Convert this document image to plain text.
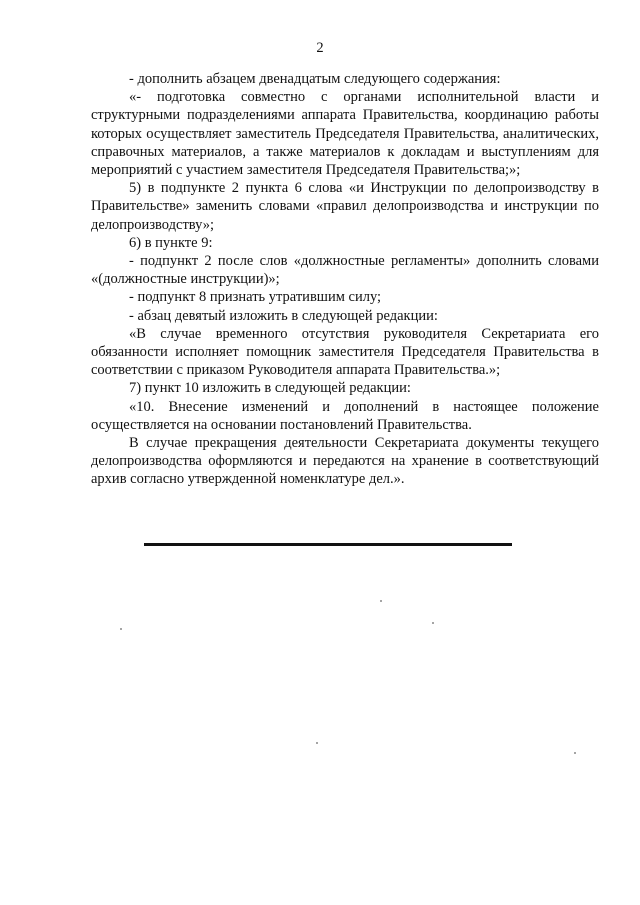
2

- дополнить абзацем двенадцатым следующего содержания:

«- подготовка совместно с органами исполнительной власти и структурными подразделениями аппарата Правительства, координацию работы которых осуществляет заместитель Председателя Правительства, аналитических, справочных материалов, а также материалов к докладам и выступлениям для мероприятий с участием заместителя Председателя Правительства;»;

5) в подпункте 2 пункта 6 слова «и Инструкции по делопроизводству в Правительстве» заменить словами «правил делопроизводства и инструкции по делопроизводству»;

6) в пункте 9:

- подпункт 2 после слов «должностные регламенты» дополнить словами «(должностные инструкции)»;

- подпункт 8 признать утратившим силу;

- абзац девятый изложить в следующей редакции:

«В случае временного отсутствия руководителя Секретариата его обязанности исполняет помощник заместителя Председателя Правительства в соответствии с приказом Руководителя аппарата Правительства.»;

7) пункт 10 изложить в следующей редакции:

«10. Внесение изменений и дополнений в настоящее положение осуществляется на основании постановлений Правительства.

В случае прекращения деятельности Секретариата документы текущего делопроизводства оформляются и передаются на хранение в соответствующий архив согласно утвержденной номенклатуре дел.».
